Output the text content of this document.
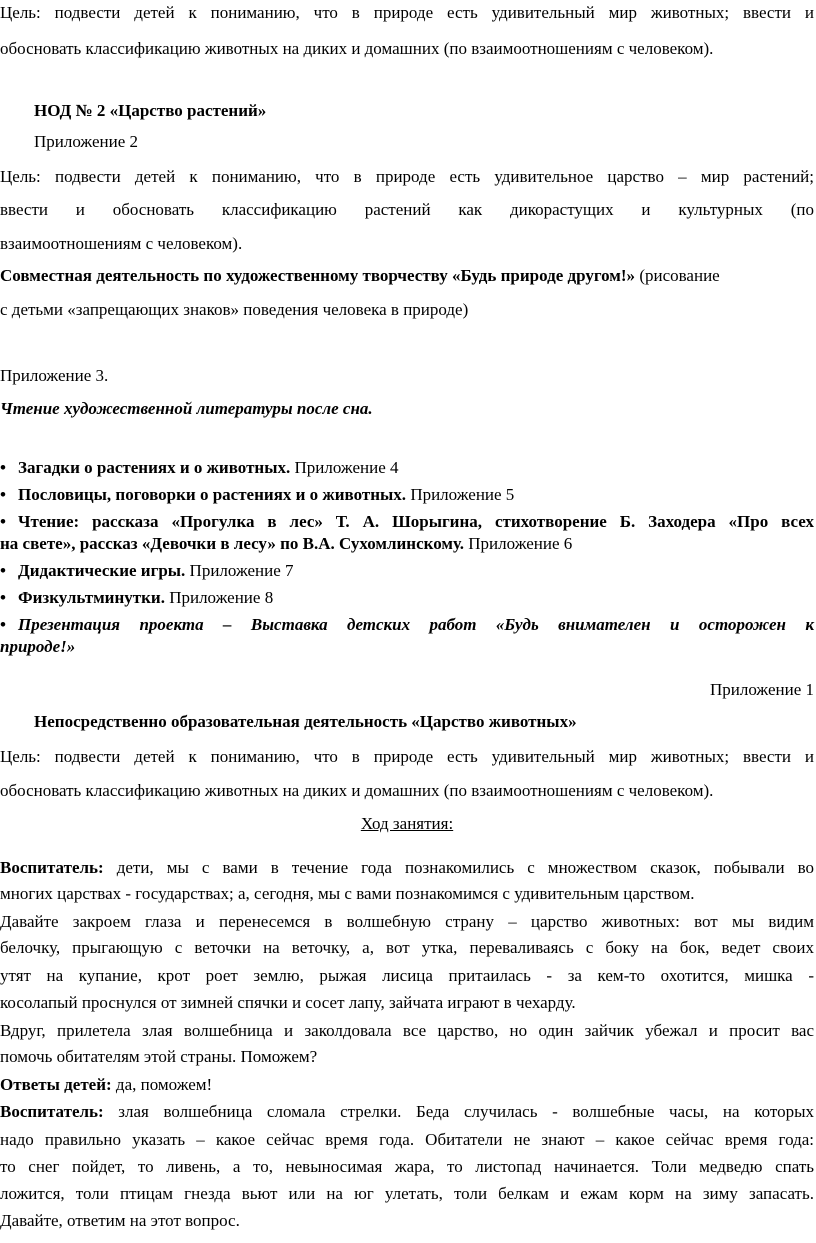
Цель: подвести детей к пониманию, что в природе есть удивительный мир животных; ввести и
обосновать классификацию животных на диких и домашних (по взаимоотношениям с человеком).
НОД № 2 «Царство растений»
Приложение 2
Цель: подвести детей к пониманию, что в природе есть удивительное царство – мир растений;
ввести и обосновать классификацию растений как дикорастущих и культурных (по
взаимоотношениям с человеком).
Совместная деятельность по художественному творчеству «Будь природе другом!» (рисование
с детьми «запрещающих знаков» поведения человека в природе)
Приложение 3.
Чтение художественной литературы после сна.
• Загадки о растениях и о животных. Приложение 4
• Пословицы, поговорки о растениях и о животных. Приложение 5
• Чтение: рассказа «Прогулка в лес» Т. А. Шорыгина, стихотворение Б. Заходера «Про всех
на свете», рассказ «Девочки в лесу» по В.А. Сухомлинскому. Приложение 6
• Дидактические игры. Приложение 7
• Физкультминутки. Приложение 8
• Презентация проекта – Выставка детских работ «Будь внимателен и осторожен к
природе!»
Приложение 1
Непосредственно образовательная деятельность «Царство животных»
Цель: подвести детей к пониманию, что в природе есть удивительный мир животных; ввести и
обосновать классификацию животных на диких и домашних (по взаимоотношениям с человеком).
Ход занятия:
Воспитатель: дети, мы с вами в течение года познакомились с множеством сказок, побывали во
многих царствах - государствах; а, сегодня, мы с вами познакомимся с удивительным царством.
Давайте закроем глаза и перенесемся в волшебную страну – царство животных: вот мы видим
белочку, прыгающую с веточки на веточку, а, вот утка, переваливаясь с боку на бок, ведет своих
утят на купание, крот роет землю, рыжая лисица притаилась - за кем-то охотится, мишка -
косолапый проснулся от зимней спячки и сосет лапу, зайчата играют в чехарду.
Вдруг, прилетела злая волшебница и заколдовала все царство, но один зайчик убежал и просит вас
помочь обитателям этой страны. Поможем?
Ответы детей: да, поможем!
Воспитатель: злая волшебница сломала стрелки. Беда случилась - волшебные часы, на которых
надо правильно указать – какое сейчас время года. Обитатели не знают – какое сейчас время года:
то снег пойдет, то ливень, а то, невыносимая жара, то листопад начинается. Толи медведю спать
ложится, толи птицам гнезда вьют или на юг улетать, толи белкам и ежам корм на зиму запасать.
Давайте, ответим на этот вопрос.
